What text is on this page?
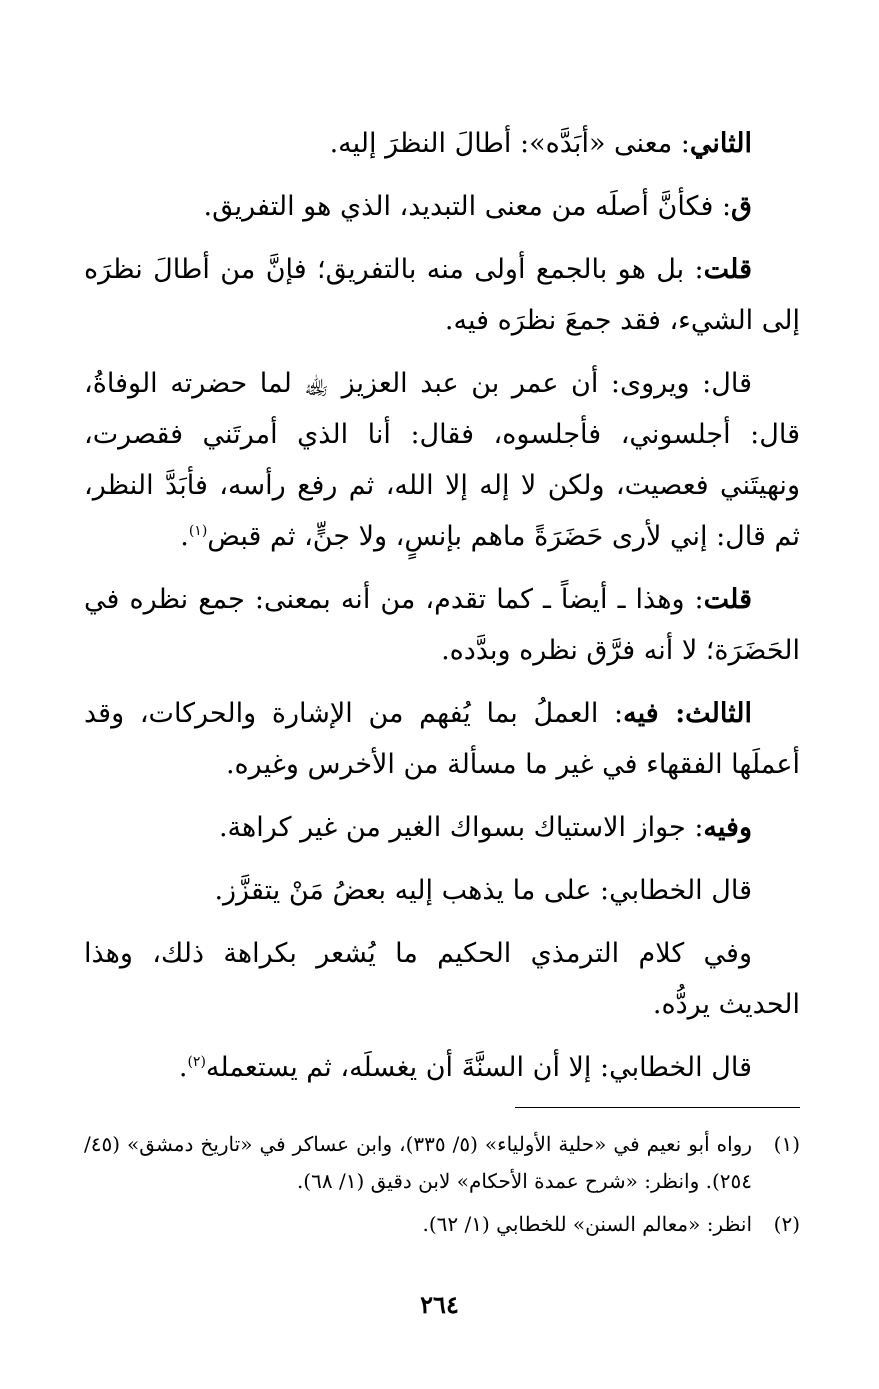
الثاني: معنى «أبَدَّه»: أطالَ النظرَ إليه.

ق: فكأنَّ أصلَه من معنى التبديد، الذي هو التفريق.

قلت: بل هو بالجمع أولى منه بالتفريق؛ فإنَّ من أطالَ نظرَه إلى الشيء، فقد جمعَ نظرَه فيه.

قال: ويروى: أن عمر بن عبد العزيز ﵀ لما حضرته الوفاةُ، قال: أجلسوني، فأجلسوه، فقال: أنا الذي أمرتَني فقصرت، ونهيتَني فعصيت، ولكن لا إله إلا الله، ثم رفع رأسه، فأبَدَّ النظر، ثم قال: إني لأرى حَضَرَةً ماهم بإنسٍ، ولا جنٍّ، ثم قبض$^{(١)}$.

قلت: وهذا ـ أيضاً ـ كما تقدم، من أنه بمعنى: جمع نظره في الحَضَرَة؛ لا أنه فرَّق نظره وبدَّده.

الثالث: فيه: العملُ بما يُفهم من الإشارة والحركات، وقد أعملَها الفقهاء في غير ما مسألة من الأخرس وغيره.

وفيه: جواز الاستياك بسواك الغير من غير كراهة.

قال الخطابي: على ما يذهب إليه بعضُ مَنْ يتقزَّز.

وفي كلام الترمذي الحكيم ما يُشعر بكراهة ذلك، وهذا الحديث يردُّه.

قال الخطابي: إلا أن السنَّةَ أن يغسلَه، ثم يستعمله$^{(٢)}$.

(١)
رواه أبو نعيم في «حلية الأولياء» (٥/ ٣٣٥)، وابن عساكر في «تاريخ دمشق» (٤٥/ ٢٥٤). وانظر: «شرح عمدة الأحكام» لابن دقيق (١/ ٦٨).
(٢)
انظر: «معالم السنن» للخطابي (١/ ٦٢).
٢٦٤
